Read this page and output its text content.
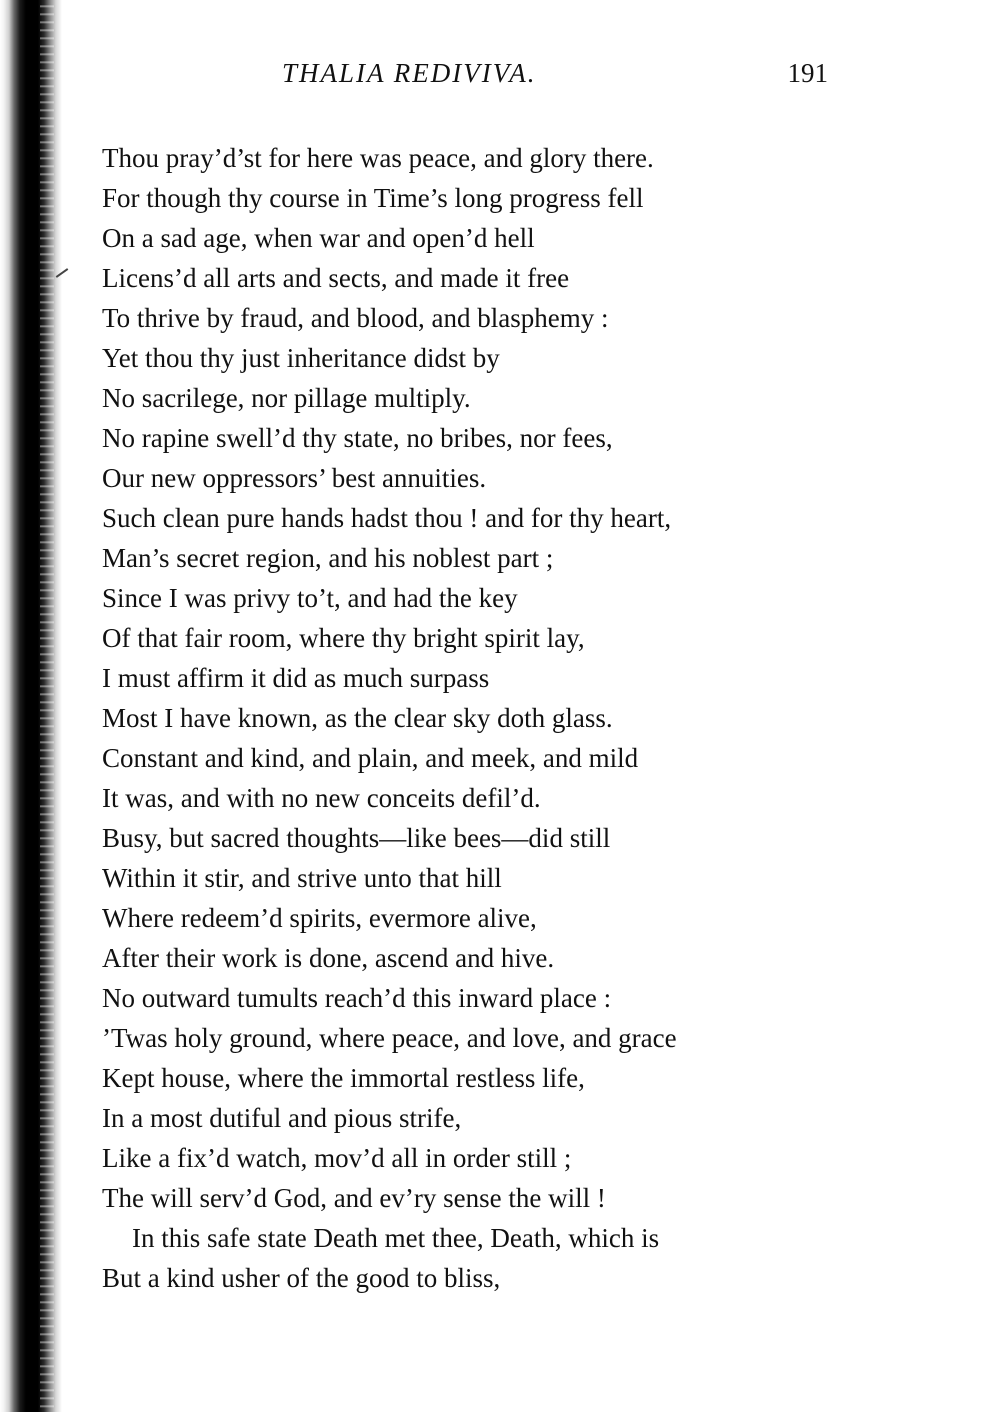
THALIA REDIVIVA.	191
Thou pray’d’st for here was peace, and glory there.
For though thy course in Time’s long progress fell
On a sad age, when war and open’d hell
Licens’d all arts and sects, and made it free
To thrive by fraud, and blood, and blasphemy :
Yet thou thy just inheritance didst by
No sacrilege, nor pillage multiply.
No rapine swell’d thy state, no bribes, nor fees,
Our new oppressors’ best annuities.
Such clean pure hands hadst thou ! and for thy heart,
Man’s secret region, and his noblest part ;
Since I was privy to’t, and had the key
Of that fair room, where thy bright spirit lay,
I must affirm it did as much surpass
Most I have known, as the clear sky doth glass.
Constant and kind, and plain, and meek, and mild
It was, and with no new conceits defil’d.
Busy, but sacred thoughts—like bees—did still
Within it stir, and strive unto that hill
Where redeem’d spirits, evermore alive,
After their work is done, ascend and hive.
No outward tumults reach’d this inward place :
’Twas holy ground, where peace, and love, and grace
Kept house, where the immortal restless life,
In a most dutiful and pious strife,
Like a fix’d watch, mov’d all in order still ;
The will serv’d God, and ev’ry sense the will !
In this safe state Death met thee, Death, which is
But a kind usher of the good to bliss,
